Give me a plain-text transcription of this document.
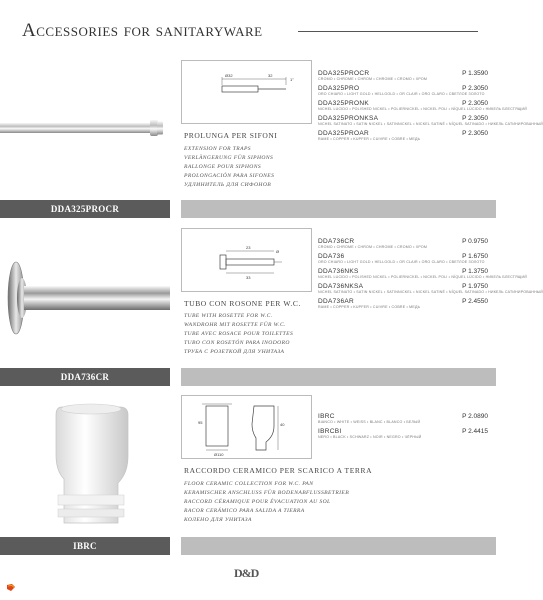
Accessories for sanitaryware
DDA325PROCR
Ø32	32
1"
PROLUNGA PER SIFONI
EXTENSION FOR TRAPS
VERLÄNGERUNG FÜR SIPHONS
RALLONGE POUR SIPHONS
PROLONGACIÓN PARA SIFONES
УДЛИНИТЕЛЬ ДЛЯ СИФОНОВ
DDA325PROCR	P 1.3590
CROMO • CHROME • CHROM • CHROME • CROMO • ХРОМ
DDA325PRO	P 2.3050
ORO CHIARO • LIGHT GOLD • HELLGOLD • OR CLAIR • ORO CLARO • СВЕТЛОЕ ЗОЛОТО
DDA325PRONK	P 2.3050
NICHEL LUCIDO • POLISHED NICKEL • POLIERNICKEL • NICKEL POLI • NÍQUEL LÚCIDO • НИКЕЛЬ БЛЕСТЯЩИЙ
DDA325PRONKSA	P 2.3050
NICHEL SATINATO • SATIN NICKEL • SATINNICKEL • NICKEL SATINÉ • NÍQUEL SATINADO • НИКЕЛЬ САТИНИРОВАННЫЙ
DDA325PROAR	P 2.3050
RAME • COPPER • KUPFER • CUIVRE • COBRE • МЕДЬ
DDA736CR
Ø
33
23
TUBO CON ROSONE PER W.C.
TUBE WITH ROSETTE FOR W.C.
WANDROHR MIT ROSETTE FÜR W.C.
TUBE AVEC ROSACE POUR TOILETTES
TUBO CON ROSETÓN PARA INODORO
ТРУБА С РОЗЕТКОЙ ДЛЯ УНИТАЗА
DDA736CR	P 0.9750
CROMO • CHROME • CHROM • CHROME • CROMO • ХРОМ
DDA736	P 1.6750
ORO CHIARO • LIGHT GOLD • HELLGOLD • OR CLAIR • ORO CLARO • СВЕТЛОЕ ЗОЛОТО
DDA736NKS	P 1.3750
NICHEL LUCIDO • POLISHED NICKEL • POLIERNICKEL • NICKEL POLI • NÍQUEL LÚCIDO • НИКЕЛЬ БЛЕСТЯЩИЙ
DDA736NKSA	P 1.9750
NICHEL SATINATO • SATIN NICKEL • SATINNICKEL • NICKEL SATINÉ • NÍQUEL SATINADO • НИКЕЛЬ САТИНИРОВАННЫЙ
DDA736AR	P 2.4550
RAME • COPPER • KUPFER • CUIVRE • COBRE • МЕДЬ
IBRC
95	40
Ø110
RACCORDO CERAMICO PER SCARICO A TERRA
FLOOR CERAMIC COLLECTION FOR W.C. PAN
KERAMISCHER ANSCHLUSS FÜR BODENABFLUSSBETRIEB
RACCORD CÉRAMIQUE POUR ÉVACUATION AU SOL
RACOR CERÁMICO PARA SALIDA A TIERRA
КОЛЕНО ДЛЯ УНИТАЗА
IBRC	P 2.0890
BIANCO • WHITE • WEISS • BLANC • BLANCO • БЕЛЫЙ
IBRCBI	P 2.4415
NERO • BLACK • SCHWARZ • NOIR • NEGRO • ЧЁРНЫЙ
D&D
